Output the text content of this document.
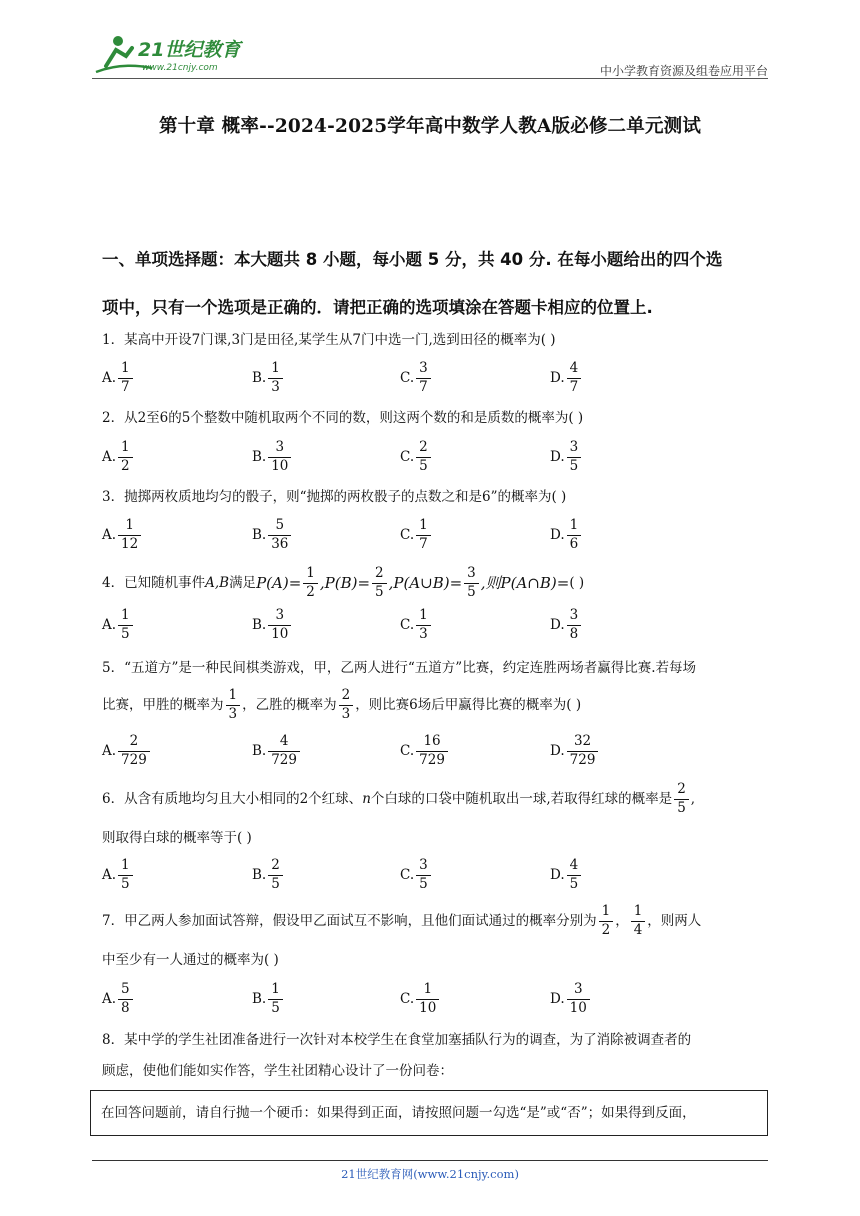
21世纪教育
www.21cnjy.com	中小学教育资源及组卷应用平台
第十章 概率--2024-2025学年高中数学人教A版必修二单元测试
一、单项选择题：本大题共 8 小题，每小题 5 分，共 40 分. 在每小题给出的四个选
项中，只有一个选项是正确的．请把正确的选项填涂在答题卡相应的位置上.
1．某高中开设7门课,3门是田径,某学生从7门中选一门,选到田径的概率为( )
A. $\frac{1}{7}$	B. $\frac{1}{3}$	C. $\frac{3}{7}$	D. $\frac{4}{7}$
2．从2至6的5个整数中随机取两个不同的数，则这两个数的和是质数的概率为( )
A. $\frac{1}{2}$	B. $\frac{3}{10}$	C. $\frac{2}{5}$	D. $\frac{3}{5}$
3．抛掷两枚质地均匀的骰子，则“抛掷的两枚骰子的点数之和是6”的概率为( )
A. $\frac{1}{12}$	B. $\frac{5}{36}$	C. $\frac{1}{7}$	D. $\frac{1}{6}$
4．已知随机事件 A,B 满足 $P(A)= \frac{1}{2} ,P(B)= \frac{2}{5}$ ,P(A∪B)= $\frac{3}{5}$ ,则P(A∩B)= ( )
A. $\frac{1}{5}$	B. $\frac{3}{10}$	C. $\frac{1}{3}$	D. $\frac{3}{8}$
5．“五道方”是一种民间棋类游戏，甲，乙两人进行“五道方”比赛，约定连胜两场者赢得比赛.若每场
比赛，甲胜的概率为 $\frac{1}{3}$ ，乙胜的概率为 $\frac{2}{3}$ ，则比赛6场后甲赢得比赛的概率为( )
A. $\frac{2}{729}$	B. $\frac{4}{729}$	C. $\frac{16}{729}$	D. $\frac{32}{729}$
6．从含有质地均匀且大小相同的2个红球、 n 个白球的口袋中随机取出一球,若取得红球的概率是 $\frac{2}{5}$ ,
则取得白球的概率等于( )
A. $\frac{1}{5}$	B. $\frac{2}{5}$	C. $\frac{3}{5}$	D. $\frac{4}{5}$
7．甲乙两人参加面试答辩，假设甲乙面试互不影响，且他们面试通过的概率分别为 $\frac{1}{2}$ ， $\frac{1}{4}$ ，则两人
中至少有一人通过的概率为( )
A. $\frac{5}{8}$	B. $\frac{1}{5}$	C. $\frac{1}{10}$	D. $\frac{3}{10}$
8．某中学的学生社团准备进行一次针对本校学生在食堂加塞插队行为的调查，为了消除被调查者的
顾虑，使他们能如实作答，学生社团精心设计了一份问卷：
在回答问题前，请自行抛一个硬币：如果得到正面，请按照问题一勾选“是”或“否”；如果得到反面，
21世纪教育网(www.21cnjy.com)
